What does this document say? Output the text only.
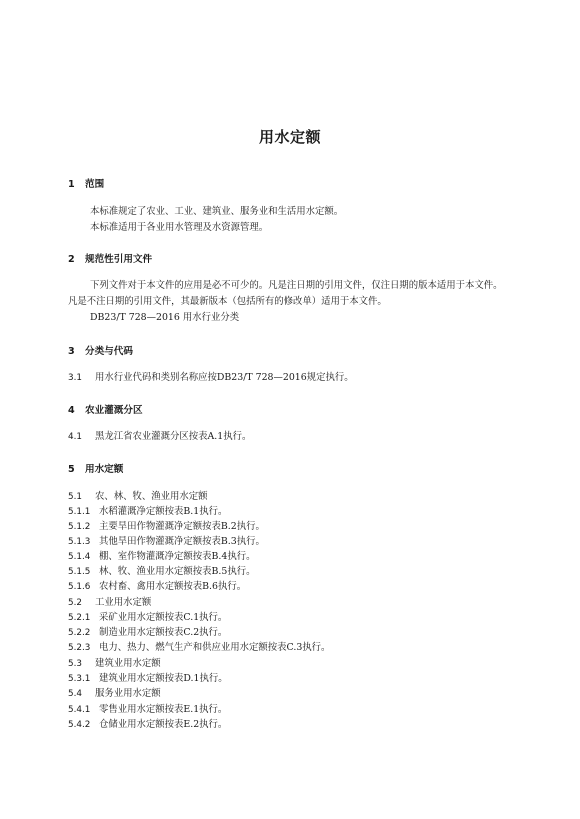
用水定额
1 范围
本标准规定了农业、工业、建筑业、服务业和生活用水定额。
本标准适用于各业用水管理及水资源管理。
2 规范性引用文件
下列文件对于本文件的应用是必不可少的。凡是注日期的引用文件，仅注日期的版本适用于本文件。
凡是不注日期的引用文件，其最新版本（包括所有的修改单）适用于本文件。
DB23/T 728—2016 用水行业分类
3 分类与代码
3.1 用水行业代码和类别名称应按DB23/T 728—2016规定执行。
4 农业灌溉分区
4.1 黑龙江省农业灌溉分区按表A.1执行。
5 用水定额
5.1 农、林、牧、渔业用水定额
5.1.1 水稻灌溉净定额按表B.1执行。
5.1.2 主要旱田作物灌溉净定额按表B.2执行。
5.1.3 其他旱田作物灌溉净定额按表B.3执行。
5.1.4 棚、室作物灌溉净定额按表B.4执行。
5.1.5 林、牧、渔业用水定额按表B.5执行。
5.1.6 农村畜、禽用水定额按表B.6执行。
5.2 工业用水定额
5.2.1 采矿业用水定额按表C.1执行。
5.2.2 制造业用水定额按表C.2执行。
5.2.3 电力、热力、燃气生产和供应业用水定额按表C.3执行。
5.3 建筑业用水定额
5.3.1 建筑业用水定额按表D.1执行。
5.4 服务业用水定额
5.4.1 零售业用水定额按表E.1执行。
5.4.2 仓储业用水定额按表E.2执行。
